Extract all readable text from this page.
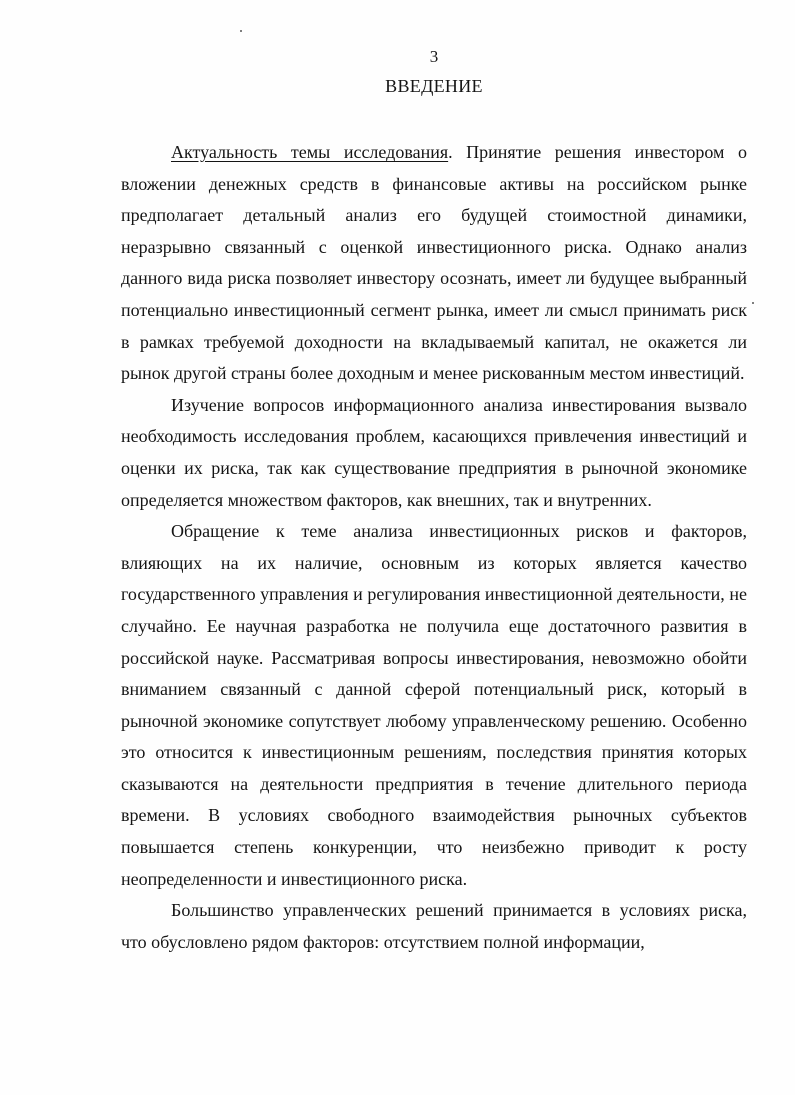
3
ВВЕДЕНИЕ

Актуальность темы исследования. Принятие решения инвестором о вложении денежных средств в финансовые активы на российском рынке предполагает детальный анализ его будущей стоимостной динамики, неразрывно связанный с оценкой инвестиционного риска. Однако анализ данного вида риска позволяет инвестору осознать, имеет ли будущее выбранный потенциально инвестиционный сегмент рынка, имеет ли смысл принимать риск в рамках требуемой доходности на вкладываемый капитал, не окажется ли рынок другой страны более доходным и менее рискованным местом инвестиций.

Изучение вопросов информационного анализа инвестирования вызвало необходимость исследования проблем, касающихся привлечения инвестиций и оценки их риска, так как существование предприятия в рыночной экономике определяется множеством факторов, как внешних, так и внутренних.

Обращение к теме анализа инвестиционных рисков и факторов, влияющих на их наличие, основным из которых является качество государственного управления и регулирования инвестиционной деятельности, не случайно. Ее научная разработка не получила еще достаточного развития в российской науке. Рассматривая вопросы инвестирования, невозможно обойти вниманием связанный с данной сферой потенциальный риск, который в рыночной экономике сопутствует любому управленческому решению. Особенно это относится к инвестиционным решениям, последствия принятия которых сказываются на деятельности предприятия в течение длительного периода времени. В условиях свободного взаимодействия рыночных субъектов повышается степень конкуренции, что неизбежно приводит к росту неопределенности и инвестиционного риска.

Большинство управленческих решений принимается в условиях риска, что обусловлено рядом факторов: отсутствием полной информации,
